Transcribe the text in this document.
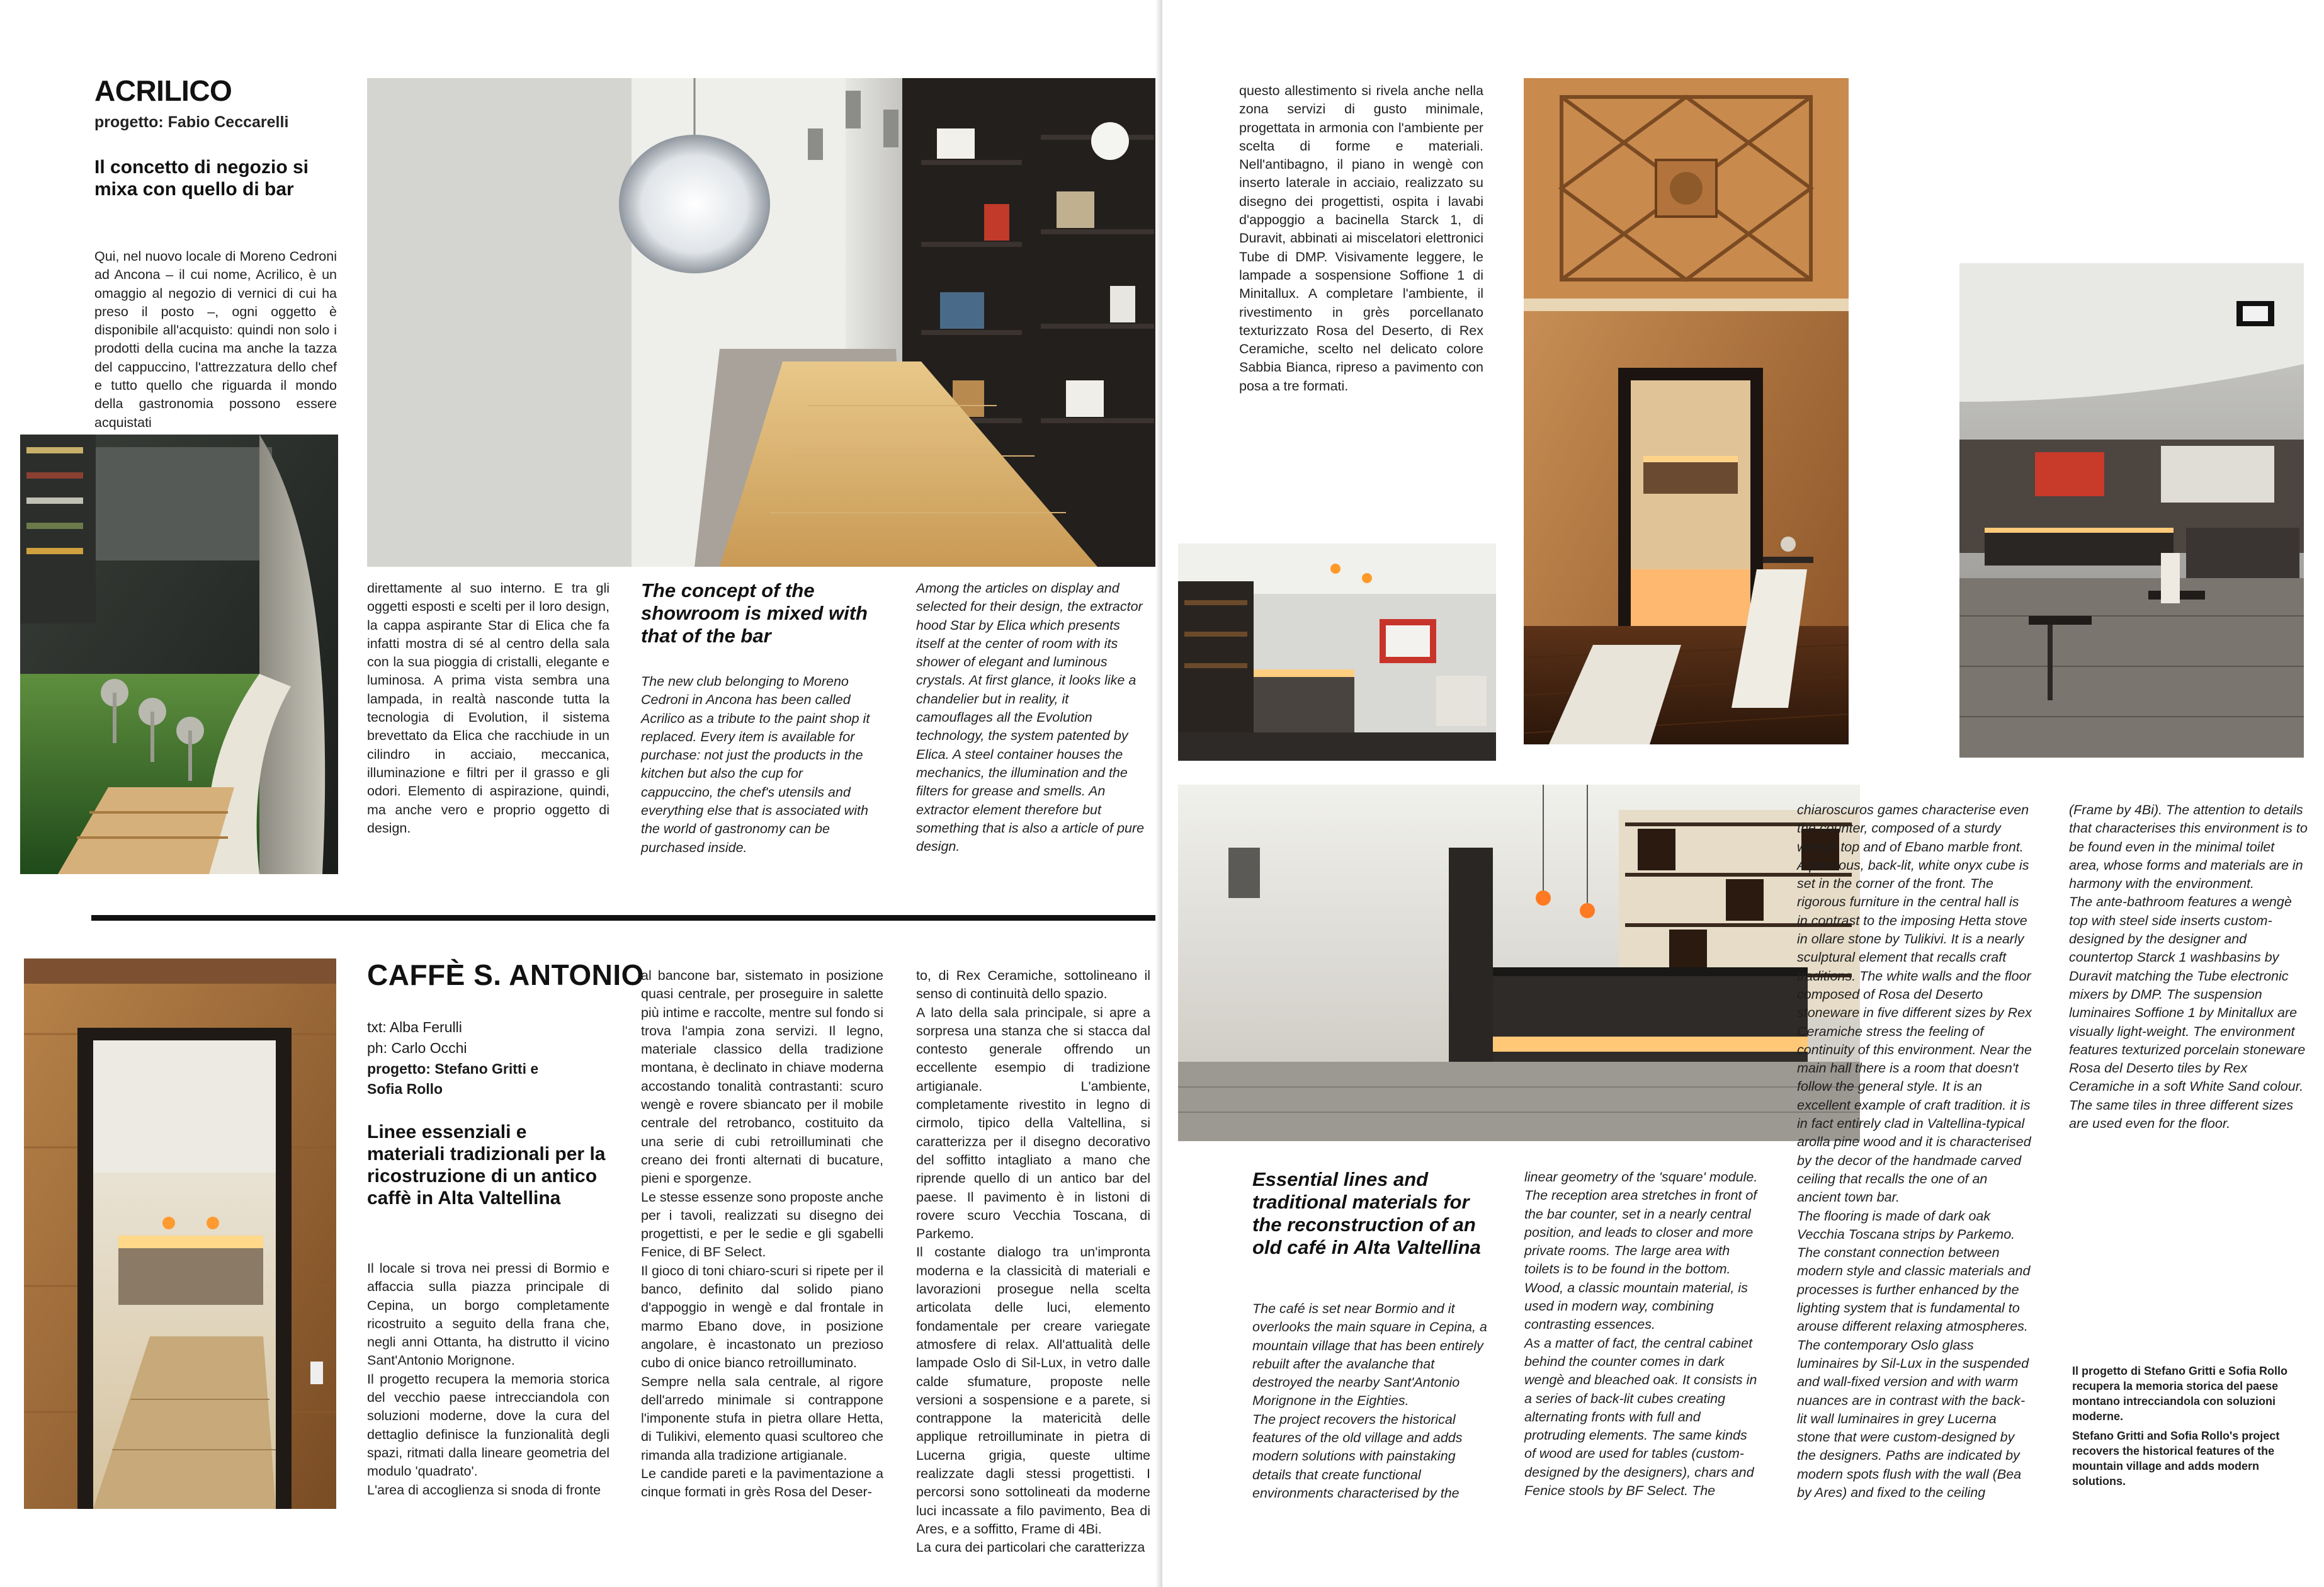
ACRILICO
progetto: Fabio Ceccarelli
Il concetto di negozio si mixa con quello di bar
Qui, nel nuovo locale di Moreno Cedroni ad Ancona – il cui nome, Acrilico, è un omaggio al negozio di vernici di cui ha preso il posto –, ogni oggetto è disponibile all'acquisto: quindi non solo i prodotti della cucina ma anche la tazza del cappuccino, l'attrezzatura dello chef e tutto quello che riguarda il mondo della gastronomia possono essere acquistati
direttamente al suo interno. E tra gli oggetti esposti e scelti per il loro design, la cappa aspirante Star di Elica che fa infatti mostra di sé al centro della sala con la sua pioggia di cristalli, elegante e luminosa. A prima vista sembra una lampada, in realtà nasconde tutta la tecnologia di Evolution, il sistema brevettato da Elica che racchiude in un cilindro in acciaio, meccanica, illuminazione e filtri per il grasso e gli odori. Elemento di aspirazione, quindi, ma anche vero e proprio oggetto di design.
The concept of the showroom is mixed with that of the bar
The new club belonging to Moreno Cedroni in Ancona has been called Acrilico as a tribute to the paint shop it replaced. Every item is available for purchase: not just the products in the kitchen but also the cup for cappuccino, the chef's utensils and everything else that is associated with the world of gastronomy can be purchased inside.
Among the articles on display and selected for their design, the extractor hood Star by Elica which presents itself at the center of room with its shower of elegant and luminous crystals. At first glance, it looks like a chandelier but in reality, it camouflages all the Evolution technology, the system patented by Elica. A steel container houses the mechanics, the illumination and the filters for grease and smells. An extractor element therefore but something that is also a article of pure design.
CAFFÈ S. ANTONIO
txt: Alba Ferulli
ph: Carlo Occhi
progetto: Stefano Gritti e Sofia Rollo
Linee essenziali e materiali tradizionali per la ricostruzione di un antico caffè in Alta Valtellina
Il locale si trova nei pressi di Bormio e affaccia sulla piazza principale di Cepina, un borgo completamente ricostruito a seguito della frana che, negli anni Ottanta, ha distrutto il vicino Sant'Antonio Morignone.
Il progetto recupera la memoria storica del vecchio paese intrecciandola con soluzioni moderne, dove la cura del dettaglio definisce la funzionalità degli spazi, ritmati dalla lineare geometria del modulo 'quadrato'.
L'area di accoglienza si snoda di fronte
al bancone bar, sistemato in posizione quasi centrale, per proseguire in salette più intime e raccolte, mentre sul fondo si trova l'ampia zona servizi. Il legno, materiale classico della tradizione montana, è declinato in chiave moderna accostando tonalità contrastanti: scuro wengè e rovere sbiancato per il mobile centrale del retrobanco, costituito da una serie di cubi retroilluminati che creano dei fronti alternati di bucature, pieni e sporgenze.
Le stesse essenze sono proposte anche per i tavoli, realizzati su disegno dei progettisti, e per le sedie e gli sgabelli Fenice, di BF Select.
Il gioco di toni chiaro-scuri si ripete per il banco, definito dal solido piano d'appoggio in wengè e dal frontale in marmo Ebano dove, in posizione angolare, è incastonato un prezioso cubo di onice bianco retroilluminato.
Sempre nella sala centrale, al rigore dell'arredo minimale si contrappone l'imponente stufa in pietra ollare Hetta, di Tulikivi, elemento quasi scultoreo che rimanda alla tradizione artigianale.
Le candide pareti e la pavimentazione a cinque formati in grès Rosa del Deser-
to, di Rex Ceramiche, sottolineano il senso di continuità dello spazio.
A lato della sala principale, si apre a sorpresa una stanza che si stacca dal contesto generale offrendo un eccellente esempio di tradizione artigianale. L'ambiente, completamente rivestito in legno di cirmolo, tipico della Valtellina, si caratterizza per il disegno decorativo del soffitto intagliato a mano che riprende quello di un antico bar del paese. Il pavimento è in listoni di rovere scuro Vecchia Toscana, di Parkemo.
Il costante dialogo tra un'impronta moderna e la classicità di materiali e lavorazioni prosegue nella scelta articolata delle luci, elemento fondamentale per creare variegate atmosfere di relax. All'attualità delle lampade Oslo di Sil-Lux, in vetro dalle calde sfumature, proposte nelle versioni a sospensione e a parete, si contrappone la matericità delle applique retroilluminate in pietra di Lucerna grigia, queste ultime realizzate dagli stessi progettisti. I percorsi sono sottolineati da moderne luci incassate a filo pavimento, Bea di Ares, e a soffitto, Frame di 4Bi.
La cura dei particolari che caratterizza
questo allestimento si rivela anche nella zona servizi di gusto minimale, progettata in armonia con l'ambiente per scelta di forme e materiali. Nell'antibagno, il piano in wengè con inserto laterale in acciaio, realizzato su disegno dei progettisti, ospita i lavabi d'appoggio a bacinella Starck 1, di Duravit, abbinati ai miscelatori elettronici Tube di DMP. Visivamente leggere, le lampade a sospensione Soffione 1 di Minitallux. A completare l'ambiente, il rivestimento in grès porcellanato texturizzato Rosa del Deserto, di Rex Ceramiche, scelto nel delicato colore Sabbia Bianca, ripreso a pavimento con posa a tre formati.
Essential lines and traditional materials for the reconstruction of an old café in Alta Valtellina
The café is set near Bormio and it overlooks the main square in Cepina, a mountain village that has been entirely rebuilt after the avalanche that destroyed the nearby Sant'Antonio Morignone in the Eighties.
The project recovers the historical features of the old village and adds modern solutions with painstaking details that create functional environments characterised by the
linear geometry of the 'square' module. The reception area stretches in front of the bar counter, set in a nearly central position, and leads to closer and more private rooms. The large area with toilets is to be found in the bottom. Wood, a classic mountain material, is used in modern way, combining contrasting essences.
As a matter of fact, the central cabinet behind the counter comes in dark wengè and bleached oak. It consists in a series of back-lit cubes creating alternating fronts with full and protruding elements. The same kinds of wood are used for tables (custom-designed by the designers), chars and Fenice stools by BF Select. The
chiaroscuros games characterise even the counter, composed of a sturdy wengè top and of Ebano marble front. A precious, back-lit, white onyx cube is set in the corner of the front. The rigorous furniture in the central hall is in contrast to the imposing Hetta stove in ollare stone by Tulikivi. It is a nearly sculptural element that recalls craft traditions. The white walls and the floor composed of Rosa del Deserto stoneware in five different sizes by Rex Ceramiche stress the feeling of continuity of this environment. Near the main hall there is a room that doesn't follow the general style. It is an excellent example of craft tradition. it is in fact entirely clad in Valtellina-typical arolla pine wood and it is characterised by the decor of the handmade carved ceiling that recalls the one of an ancient town bar.
The flooring is made of dark oak Vecchia Toscana strips by Parkemo.
The constant connection between modern style and classic materials and processes is further enhanced by the lighting system that is fundamental to arouse different relaxing atmospheres.
The contemporary Oslo glass luminaires by Sil-Lux in the suspended and wall-fixed version and with warm nuances are in contrast with the back-lit wall luminaires in grey Lucerna stone that were custom-designed by the designers. Paths are indicated by modern spots flush with the wall (Bea by Ares) and fixed to the ceiling
(Frame by 4Bi). The attention to details that characterises this environment is to be found even in the minimal toilet area, whose forms and materials are in harmony with the environment.
The ante-bathroom features a wengè top with steel side inserts custom-designed by the designer and countertop Starck 1 washbasins by Duravit matching the Tube electronic mixers by DMP. The suspension luminaires Soffione 1 by Minitallux are visually light-weight. The environment features texturized porcelain stoneware Rosa del Deserto tiles by Rex Ceramiche in a soft White Sand colour. The same tiles in three different sizes are used even for the floor.
Il progetto di Stefano Gritti e Sofia Rollo recupera la memoria storica del paese montano intrecciandola con soluzioni moderne.
Stefano Gritti and Sofia Rollo's project recovers the historical features of the mountain village and adds modern solutions.
